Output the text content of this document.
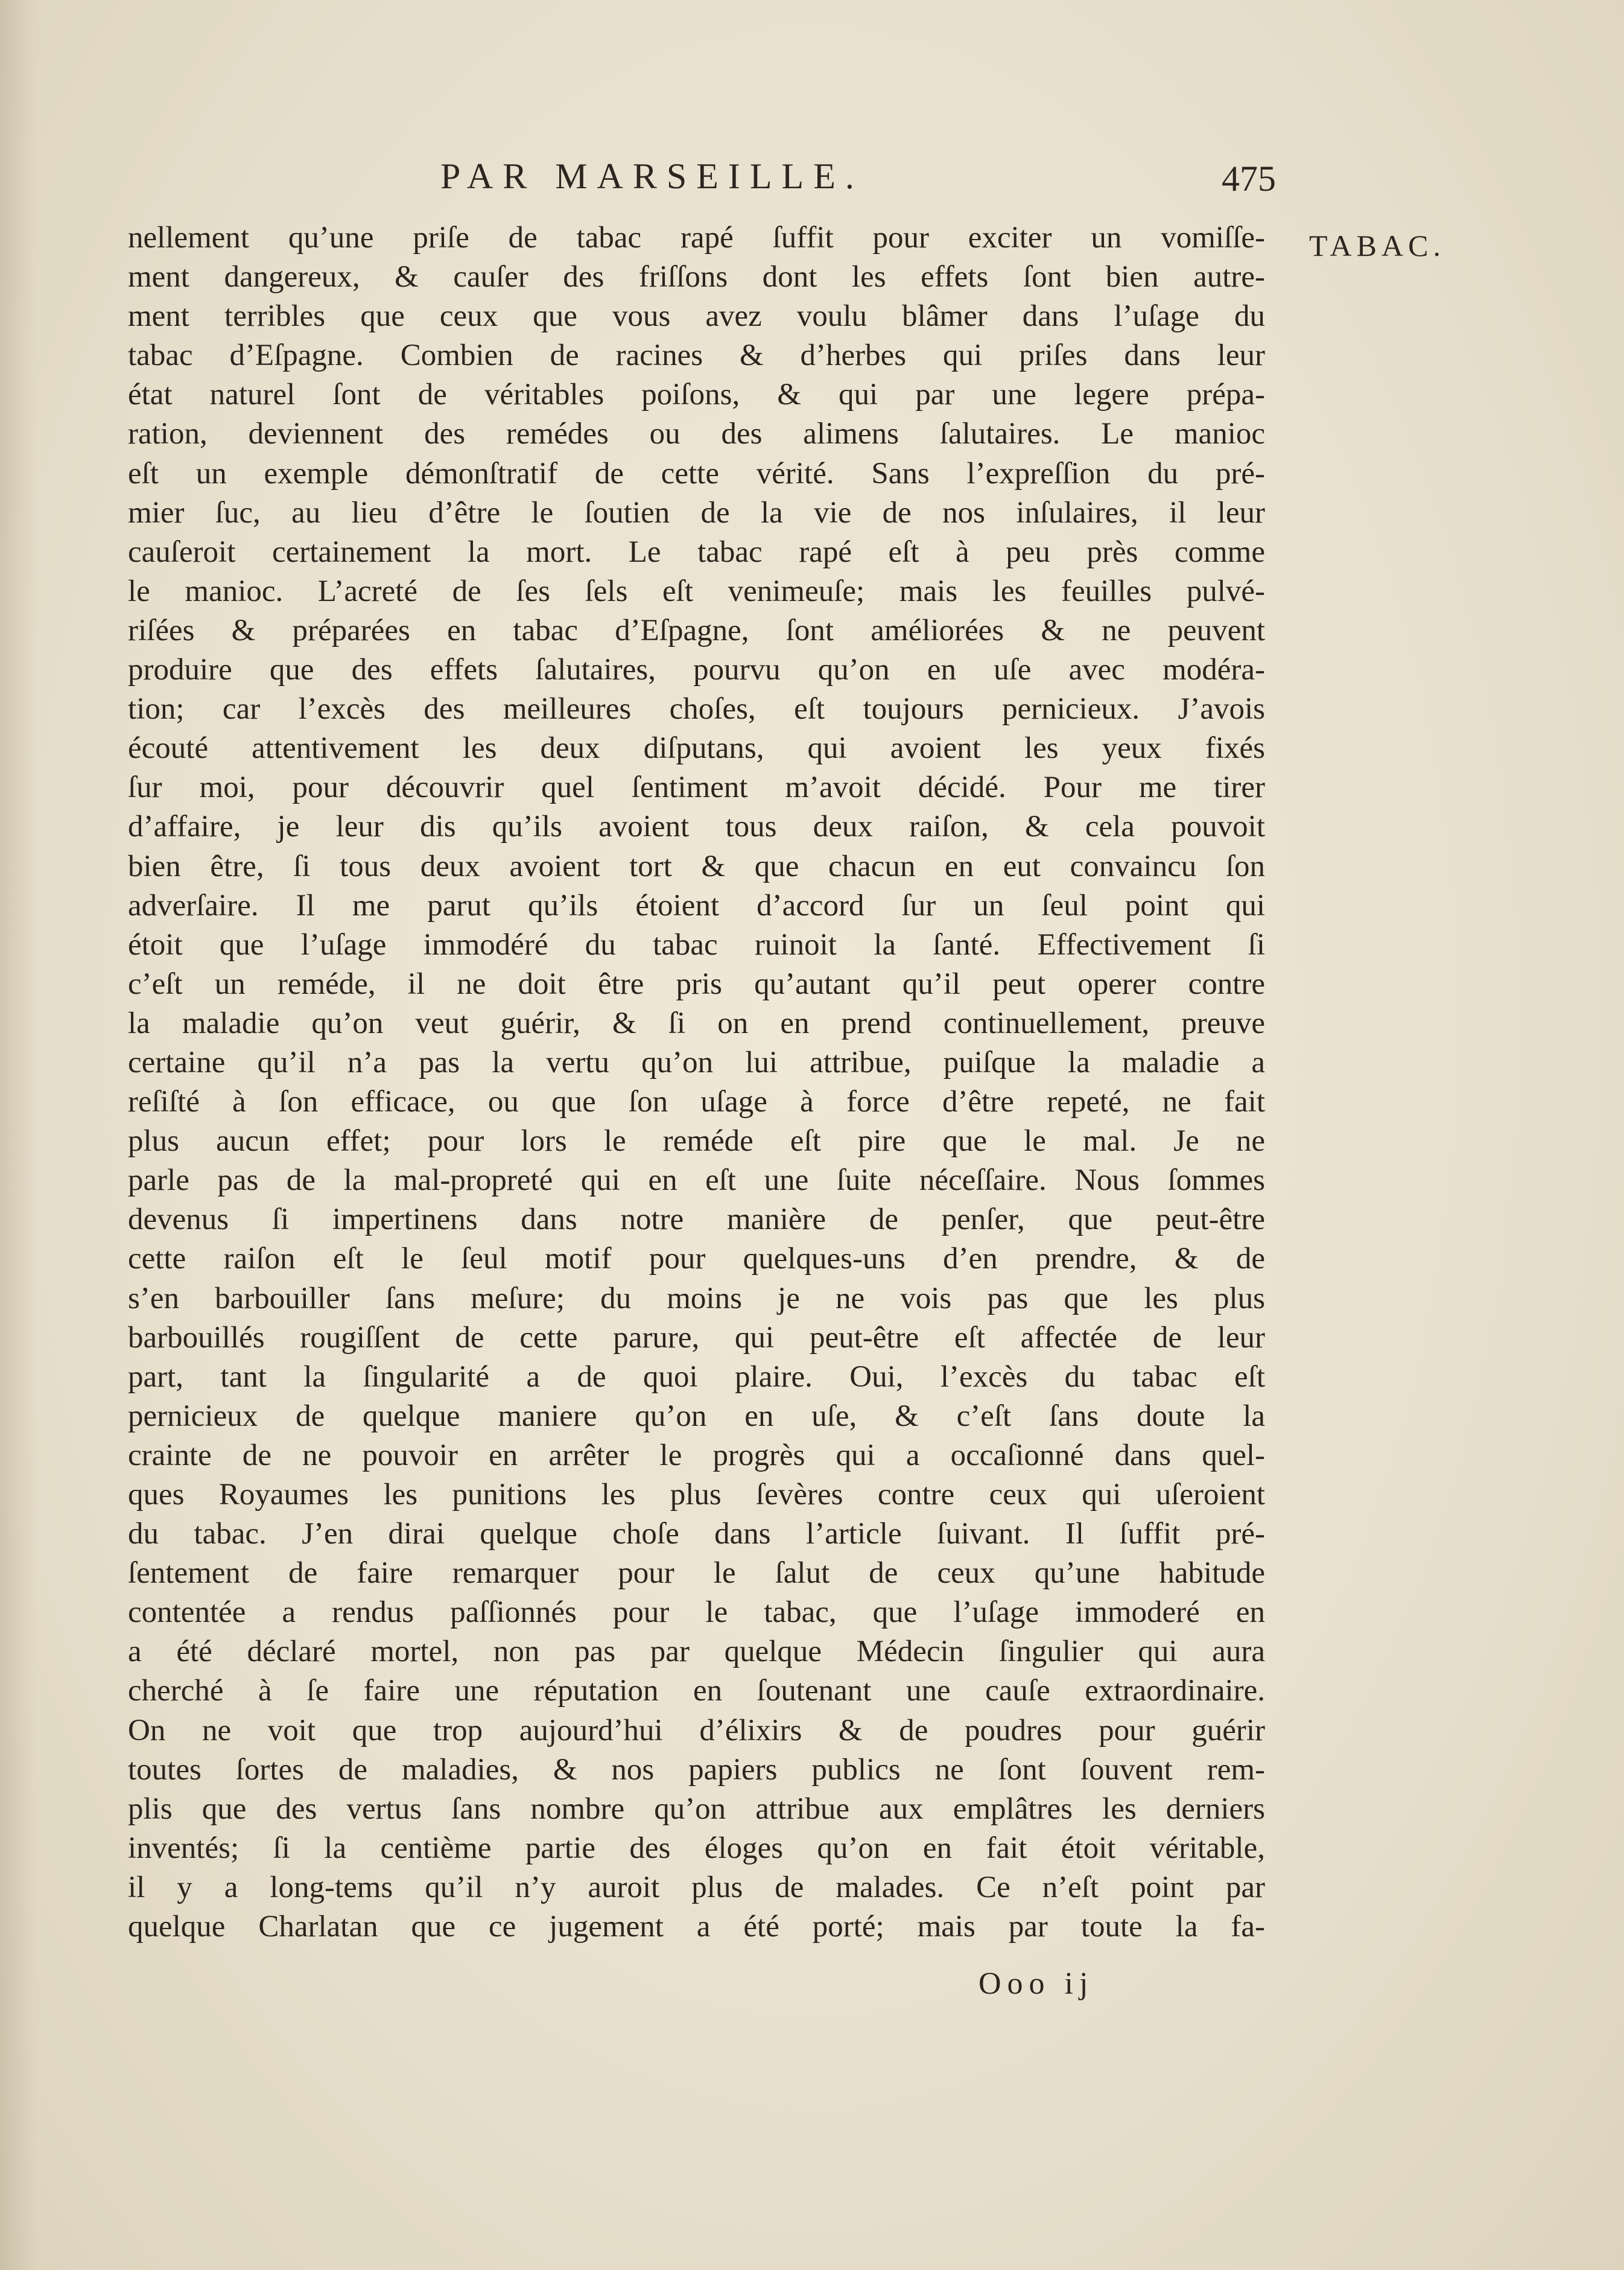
PAR MARSEILLE.	475
TABAC.
nellement qu’une priſe de tabac rapé ſuffit pour exciter un vomiſſe-
ment dangereux, & cauſer des friſſons dont les effets ſont bien autre-
ment terribles que ceux que vous avez voulu blâmer dans l’uſage du
tabac d’Eſpagne. Combien de racines & d’herbes qui priſes dans leur
état naturel ſont de véritables poiſons, & qui par une legere prépa-
ration, deviennent des remédes ou des alimens ſalutaires. Le manioc
eſt un exemple démonſtratif de cette vérité. Sans l’expreſſion du pré-
mier ſuc, au lieu d’être le ſoutien de la vie de nos inſulaires, il leur
cauſeroit certainement la mort. Le tabac rapé eſt à peu près comme
le manioc. L’acreté de ſes ſels eſt venimeuſe; mais les feuilles pulvé-
riſées & préparées en tabac d’Eſpagne, ſont améliorées & ne peuvent
produire que des effets ſalutaires, pourvu qu’on en uſe avec modéra-
tion; car l’excès des meilleures choſes, eſt toujours pernicieux. J’avois
écouté attentivement les deux diſputans, qui avoient les yeux fixés
ſur moi, pour découvrir quel ſentiment m’avoit décidé. Pour me tirer
d’affaire, je leur dis qu’ils avoient tous deux raiſon, & cela pouvoit
bien être, ſi tous deux avoient tort & que chacun en eut convaincu ſon
adverſaire. Il me parut qu’ils étoient d’accord ſur un ſeul point qui
étoit que l’uſage immodéré du tabac ruinoit la ſanté. Effectivement ſi
c’eſt un reméde, il ne doit être pris qu’autant qu’il peut operer contre
la maladie qu’on veut guérir, & ſi on en prend continuellement, preuve
certaine qu’il n’a pas la vertu qu’on lui attribue, puiſque la maladie a
reſiſté à ſon efficace, ou que ſon uſage à force d’être repeté, ne fait
plus aucun effet; pour lors le reméde eſt pire que le mal. Je ne
parle pas de la mal-propreté qui en eſt une ſuite néceſſaire. Nous ſommes
devenus ſi impertinens dans notre manière de penſer, que peut-être
cette raiſon eſt le ſeul motif pour quelques-uns d’en prendre, & de
s’en barbouiller ſans meſure; du moins je ne vois pas que les plus
barbouillés rougiſſent de cette parure, qui peut-être eſt affectée de leur
part, tant la ſingularité a de quoi plaire. Oui, l’excès du tabac eſt
pernicieux de quelque maniere qu’on en uſe, & c’eſt ſans doute la
crainte de ne pouvoir en arrêter le progrès qui a occaſionné dans quel-
ques Royaumes les punitions les plus ſevères contre ceux qui uſeroient
du tabac. J’en dirai quelque choſe dans l’article ſuivant. Il ſuffit pré-
ſentement de faire remarquer pour le ſalut de ceux qu’une habitude
contentée a rendus paſſionnés pour le tabac, que l’uſage immoderé en
a été déclaré mortel, non pas par quelque Médecin ſingulier qui aura
cherché à ſe faire une réputation en ſoutenant une cauſe extraordinaire.
On ne voit que trop aujourd’hui d’élixirs & de poudres pour guérir
toutes ſortes de maladies, & nos papiers publics ne ſont ſouvent rem-
plis que des vertus ſans nombre qu’on attribue aux emplâtres les derniers
inventés; ſi la centième partie des éloges qu’on en fait étoit véritable,
il y a long-tems qu’il n’y auroit plus de malades. Ce n’eſt point par
quelque Charlatan que ce jugement a été porté; mais par toute la fa-
Ooo ij
